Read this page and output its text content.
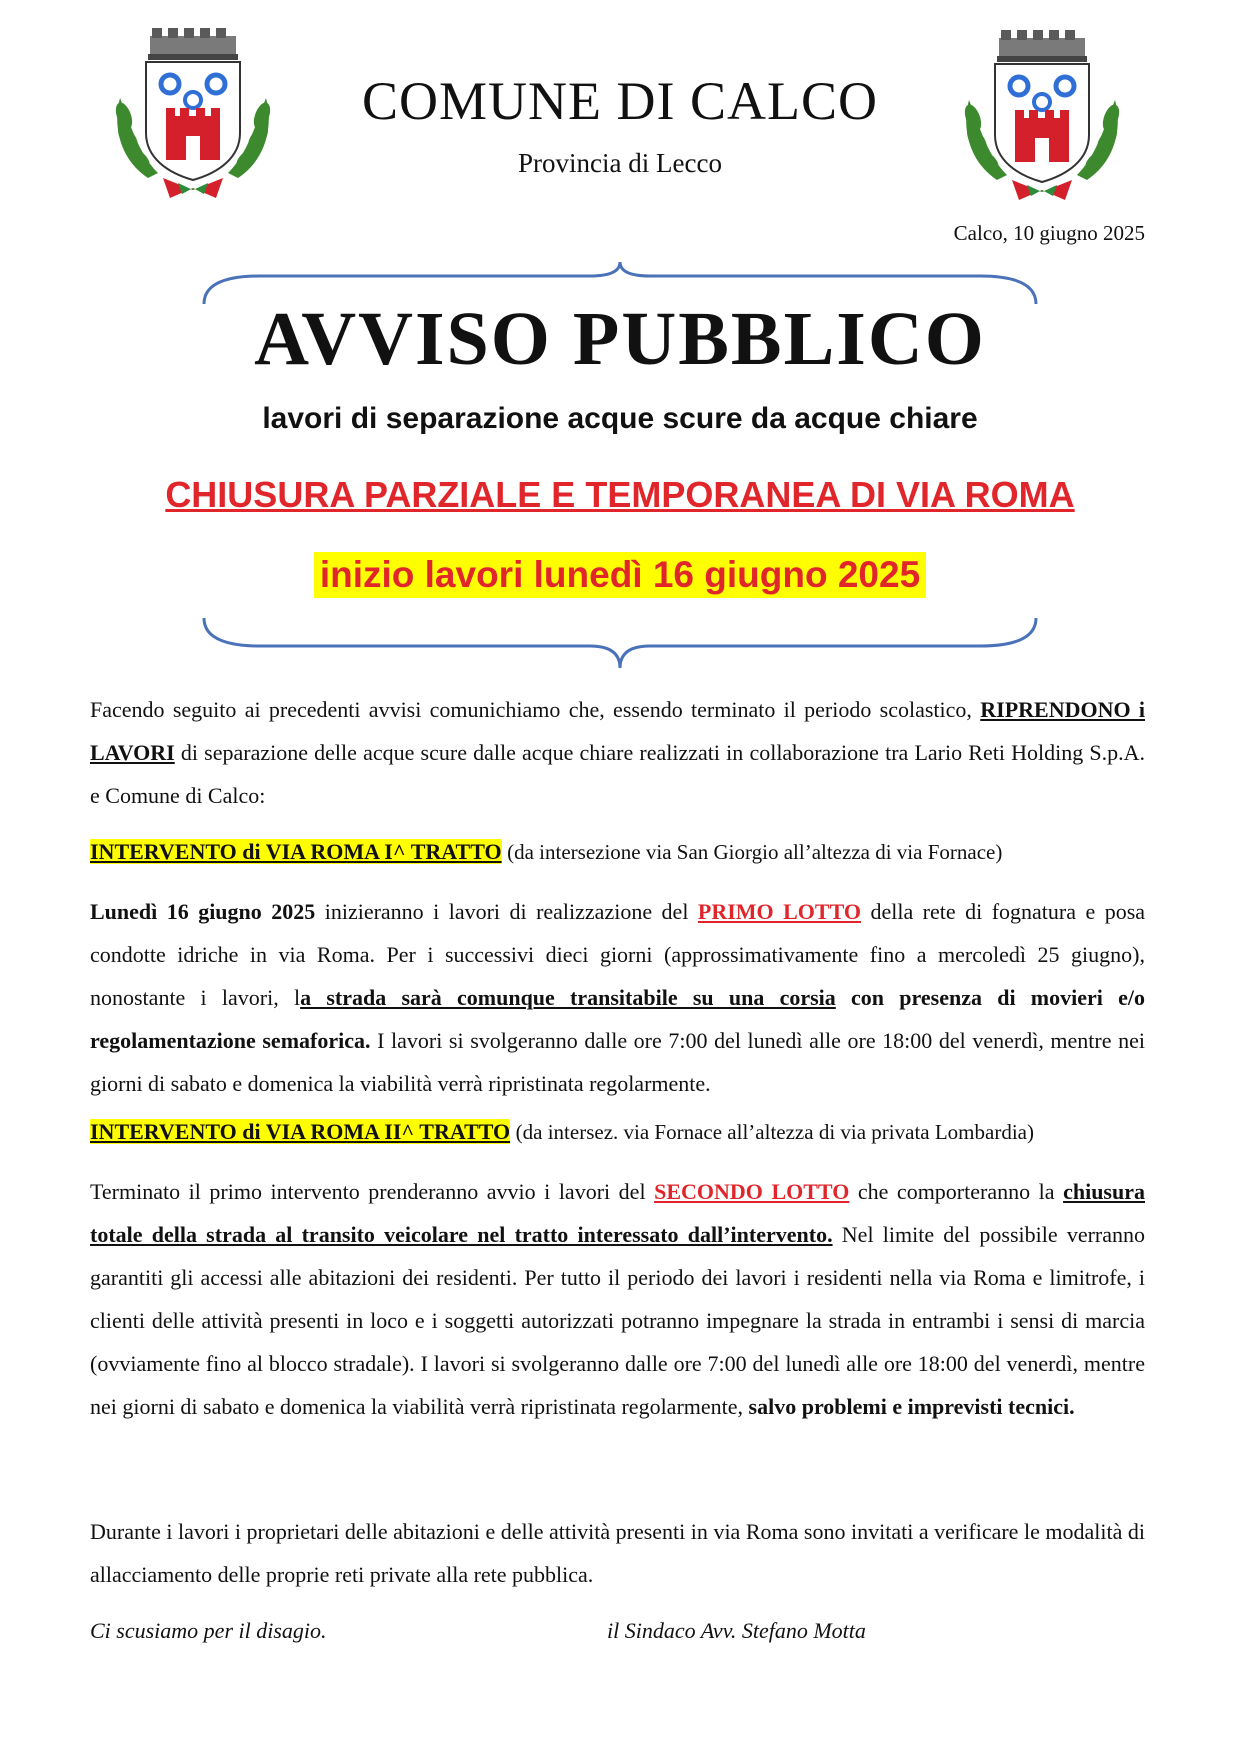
COMUNE DI CALCO
Provincia di Lecco
Calco, 10 giugno 2025
AVVISO PUBBLICO
lavori di separazione acque scure da acque chiare
CHIUSURA PARZIALE E TEMPORANEA DI VIA ROMA
inizio lavori lunedì 16 giugno 2025
Facendo seguito ai precedenti avvisi comunichiamo che, essendo terminato il periodo scolastico, RIPRENDONO i LAVORI di separazione delle acque scure dalle acque chiare realizzati in collaborazione tra Lario Reti Holding S.p.A. e Comune di Calco:
INTERVENTO di VIA ROMA I^ TRATTO (da intersezione via San Giorgio all’altezza di via Fornace)
Lunedì 16 giugno 2025 inizieranno i lavori di realizzazione del PRIMO LOTTO della rete di fognatura e posa condotte idriche in via Roma. Per i successivi dieci giorni (approssimativamente fino a mercoledì 25 giugno), nonostante i lavori, la strada sarà comunque transitabile su una corsia con presenza di movieri e/o regolamentazione semaforica. I lavori si svolgeranno dalle ore 7:00 del lunedì alle ore 18:00 del venerdì, mentre nei giorni di sabato e domenica la viabilità verrà ripristinata regolarmente.
INTERVENTO di VIA ROMA II^ TRATTO (da intersez. via Fornace all’altezza di via privata Lombardia)
Terminato il primo intervento prenderanno avvio i lavori del SECONDO LOTTO che comporteranno la chiusura totale della strada al transito veicolare nel tratto interessato dall’intervento. Nel limite del possibile verranno garantiti gli accessi alle abitazioni dei residenti. Per tutto il periodo dei lavori i residenti nella via Roma e limitrofe, i clienti delle attività presenti in loco e i soggetti autorizzati potranno impegnare la strada in entrambi i sensi di marcia (ovviamente fino al blocco stradale). I lavori si svolgeranno dalle ore 7:00 del lunedì alle ore 18:00 del venerdì, mentre nei giorni di sabato e domenica la viabilità verrà ripristinata regolarmente, salvo problemi e imprevisti tecnici.
Durante i lavori i proprietari delle abitazioni e delle attività presenti in via Roma sono invitati a verificare le modalità di allacciamento delle proprie reti private alla rete pubblica.
Ci scusiamo per il disagio.	il Sindaco Avv. Stefano Motta
